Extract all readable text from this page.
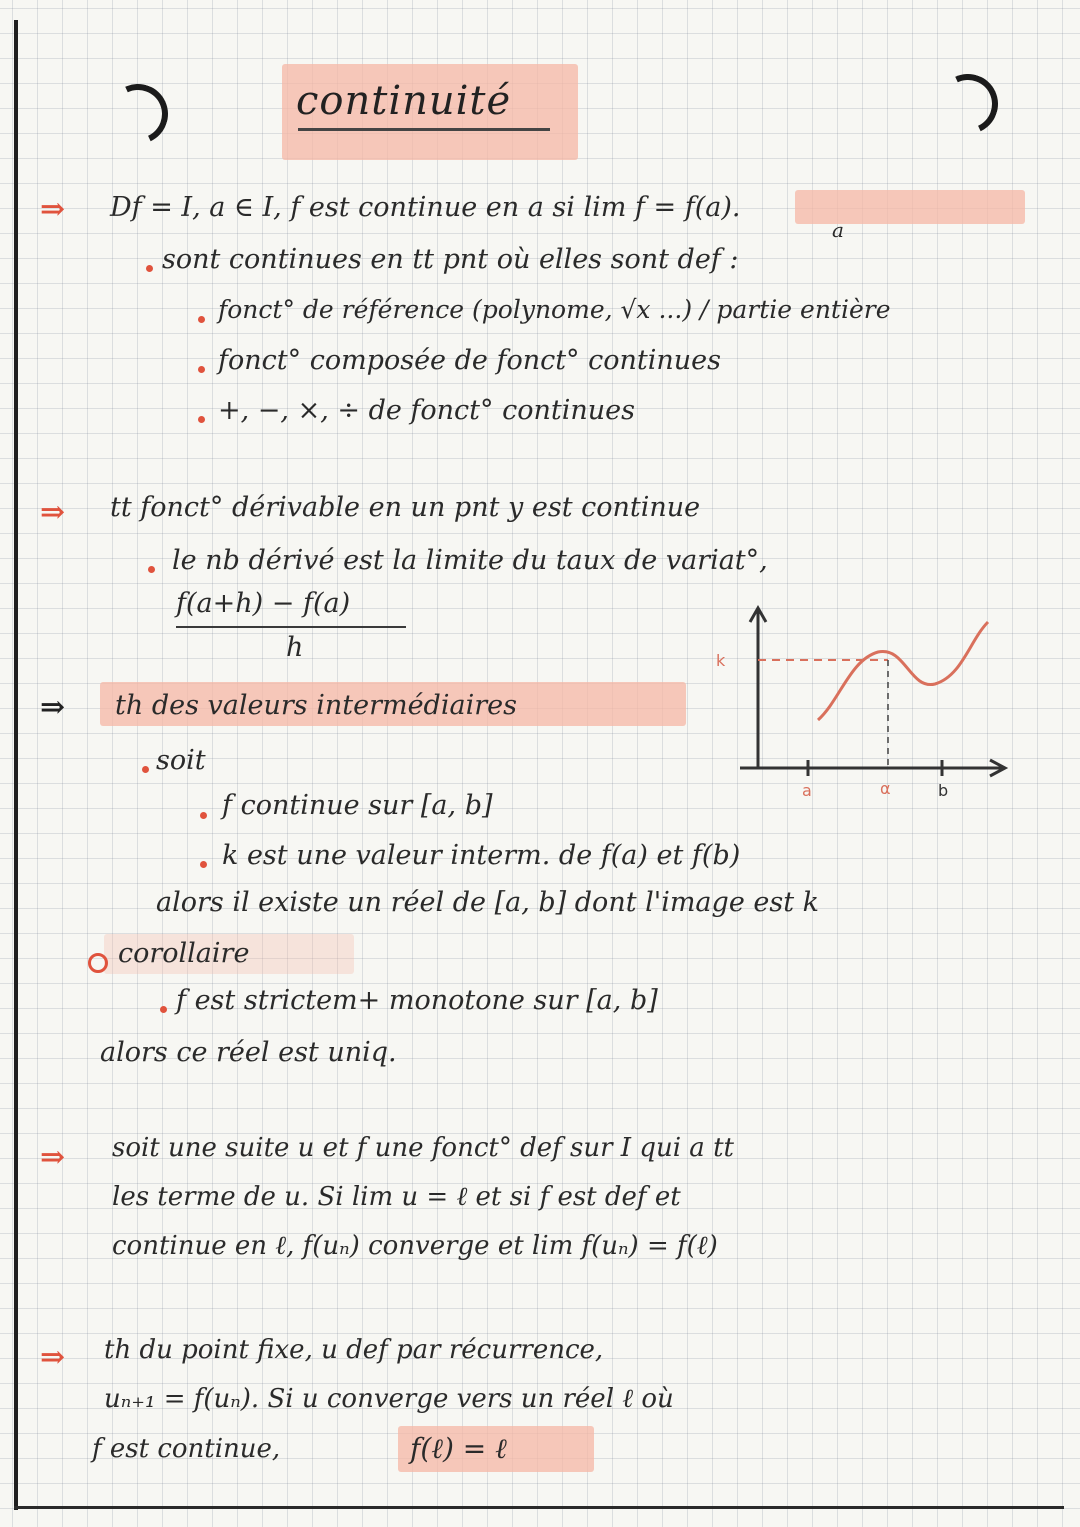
continuité
⇒ Df = I, a ∈ I, f est continue en a si lim f = f(a).
a
sont continues en tt pnt où elles sont def :
fonct° de référence (polynome, √x ...) / partie entière
fonct° composée de fonct° continues
+, −, ×, ÷ de fonct° continues
⇒ tt fonct° dérivable en un pnt y est continue
le nb dérivé est la limite du taux de variat°,
f(a+h) − f(a)
h
⇒ th des valeurs intermédiaires
soit
f continue sur [a, b]
k est une valeur interm. de f(a) et f(b)
alors il existe un réel de [a, b] dont l'image est k
corollaire
f est strictem+ monotone sur [a, b]
alors ce réel est uniq.
k
a	α	b
⇒ soit une suite u et f une fonct° def sur I qui a tt
les terme de u. Si lim u = ℓ et si f est def et
continue en ℓ, f(uₙ) converge et lim f(uₙ) = f(ℓ)
⇒ th du point fixe, u def par récurrence,
uₙ₊₁ = f(uₙ). Si u converge vers un réel ℓ où
f est continue,	f(ℓ) = ℓ
